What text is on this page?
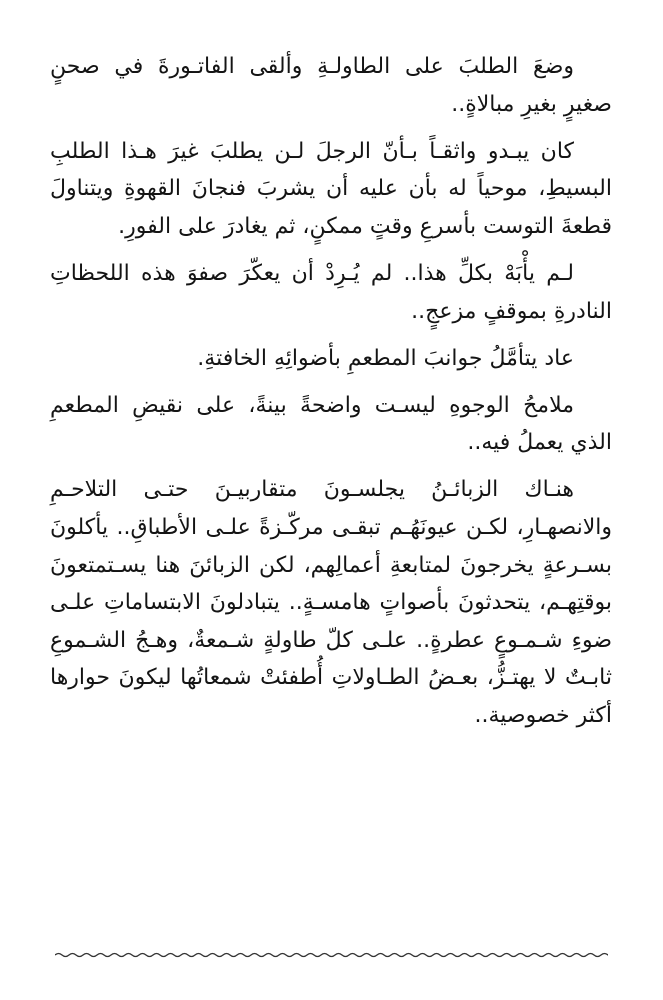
وضعَ الطلبَ على الطاولـةِ وألقى الفاتـورةَ في صحنٍ صغيرٍ بغيرِ مبالاةٍ..

كان يبـدو واثقـاً بـأنّ الرجلَ لـن يطلبَ غيرَ هـذا الطلبِ البسيطِ، موحياً له بأن عليه أن يشربَ فنجانَ القهوةِ ويتناولَ قطعةَ التوست بأسرعِ وقتٍ ممكنٍ، ثم يغادرَ على الفورِ.

لـم يأْبَهْ بكلِّ هذا.. لم يُـرِدْ أن يعكّرَ صفوَ هذه اللحظاتِ النادرةِ بموقفٍ مزعجٍ..

عاد يتأمَّلُ جوانبَ المطعمِ بأضوائِهِ الخافتةِ.

ملامحُ الوجوهِ ليسـت واضحةً بينةً، على نقيضِ المطعمِ الذي يعملُ فيه..

هنـاك الزبائـنُ يجلسـونَ متقاربيـنَ حتـى التلاحـمِ والانصهـارِ، لكـن عيونَهُـم تبقـى مركّـزةً علـى الأطباقِ.. يأكلونَ بسـرعةٍ يخرجونَ لمتابعةِ أعمالِهم، لكن الزبائنَ هنا يسـتمتعونَ بوقتِهـم، يتحدثونَ بأصواتٍ هامسـةٍ.. يتبادلونَ الابتساماتِ علـى ضوءِ شـمـوعٍ عطرةٍ.. علـى كلّ طاولةٍ شـمعةٌ، وهـجُ الشـموعِ ثابـتٌ لا يهتـزُّ، بعـضُ الطـاولاتِ أُطفئتْ شمعاتُها ليكونَ حوارها أكثر خصوصية..
